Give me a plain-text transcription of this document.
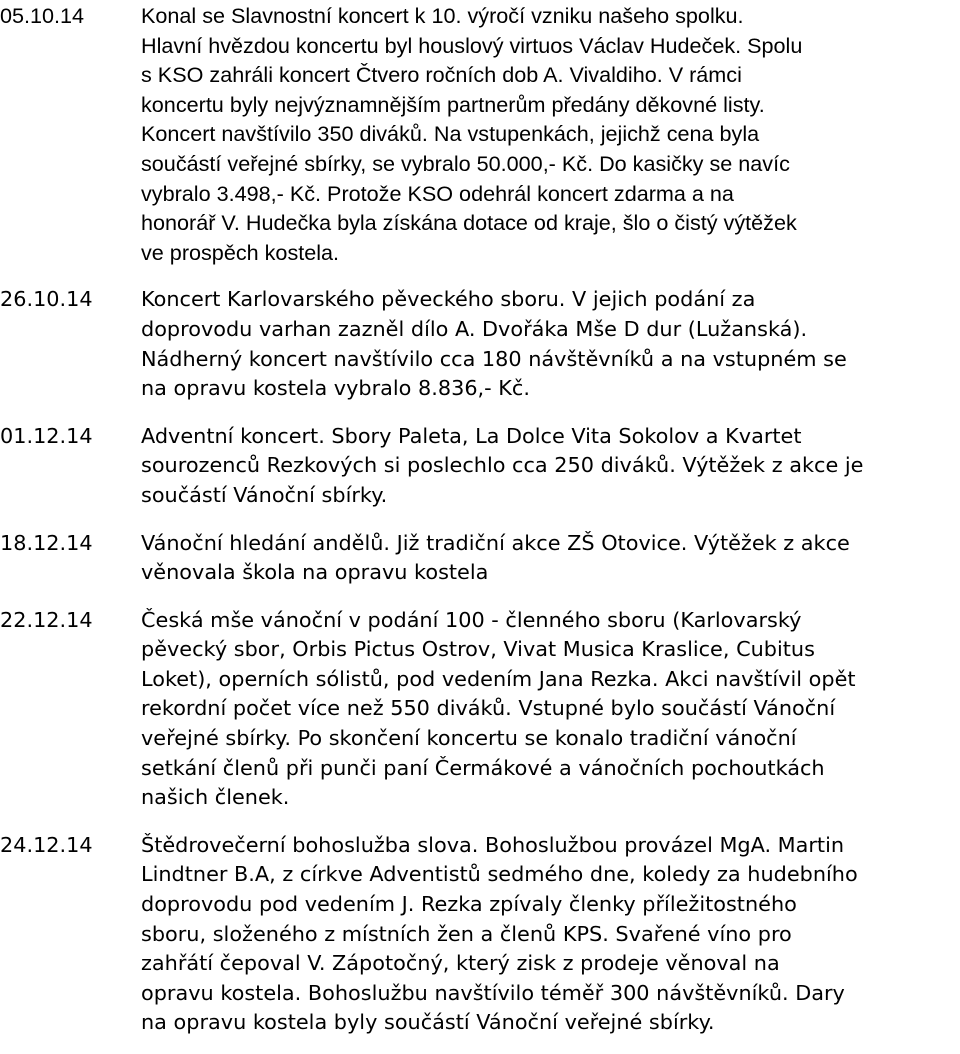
05.10.14	Konal se Slavnostní koncert k 10. výročí vzniku našeho spolku.
Hlavní hvězdou koncertu byl houslový virtuos Václav Hudeček. Spolu
s KSO zahráli koncert Čtvero ročních dob A. Vivaldiho. V rámci
koncertu byly nejvýznamnějším partnerům předány děkovné listy.
Koncert navštívilo 350 diváků. Na vstupenkách, jejichž cena byla
součástí veřejné sbírky, se vybralo 50.000,- Kč. Do kasičky se navíc
vybralo 3.498,- Kč. Protože KSO odehrál koncert zdarma a na
honorář V. Hudečka byla získána dotace od kraje, šlo o čistý výtěžek
ve prospěch kostela.
26.10.14	Koncert Karlovarského pěveckého sboru. V jejich podání za
doprovodu varhan zazněl dílo A. Dvořáka Mše D dur (Lužanská).
Nádherný koncert navštívilo cca 180 návštěvníků a na vstupném se
na opravu kostela vybralo 8.836,- Kč.
01.12.14	Adventní koncert. Sbory Paleta, La Dolce Vita Sokolov a Kvartet
sourozenců Rezkových si poslechlo cca 250 diváků. Výtěžek z akce je
součástí Vánoční sbírky.
18.12.14	Vánoční hledání andělů. Již tradiční akce ZŠ Otovice. Výtěžek z akce
věnovala škola na opravu kostela
22.12.14	Česká mše vánoční v podání 100 - členného sboru (Karlovarský
pěvecký sbor, Orbis Pictus Ostrov, Vivat Musica Kraslice, Cubitus
Loket), operních sólistů, pod vedením Jana Rezka. Akci navštívil opět
rekordní počet více než 550 diváků. Vstupné bylo součástí Vánoční
veřejné sbírky. Po skončení koncertu se konalo tradiční vánoční
setkání členů při punči paní Čermákové a vánočních pochoutkách
našich členek.
24.12.14	Štědrovečerní bohoslužba slova. Bohoslužbou provázel MgA. Martin
Lindtner B.A, z církve Adventistů sedmého dne, koledy za hudebního
doprovodu pod vedením J. Rezka zpívaly členky příležitostného
sboru, složeného z místních žen a členů KPS. Svařené víno pro
zahřátí čepoval V. Zápotočný, který zisk z prodeje věnoval na
opravu kostela. Bohoslužbu navštívilo téměř 300 návštěvníků. Dary
na opravu kostela byly součástí Vánoční veřejné sbírky.
